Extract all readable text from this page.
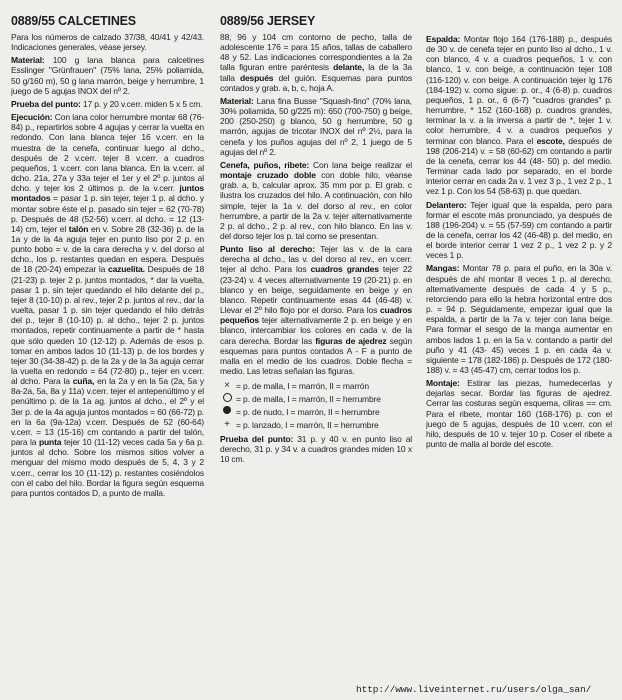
0889/55 CALCETINES

Para los números de calzado 37/38, 40/41 y 42/43. Indicaciones generales, véase jersey.

Material: 100 g lana blanca para calcetines Esslinger "Grünfrauen" (75% lana, 25% poliamida, 50 g/160 m), 50 g lana marrón, beige y herrumbre, 1 juego de 5 agujas INOX del nº 2.

Prueba del punto: 17 p. y 20 v.cerr. miden 5 x 5 cm.

Ejecución: Con lana color herrumbre montar 68 (76-84) p., repartirlos sobre 4 agujas y cerrar la vuelta en redondo. Con lana blanca tejer 16 v.cerr. en la muestra de la cenefa, continuar luego al dcho., después de 2 v.cerr. tejer 8 v.cerr. a cuadros pequeños, 1 v.cerr. con lana blanca. En la v.cerr. al dcho. 21a, 27a y 33a tejer el 1er y el 2º p. juntos al dcho. y tejer los 2 últimos p. de la v.cerr. juntos montados = pasar 1 p. sin tejer, tejer 1 p. al dcho. y montar sobre éste el p. pasado sin tejer = 62 (70-78) p. Después de 48 (52-56) v.cerr. al dcho. = 12 (13-14) cm, tejer el talón en v. Sobre 28 (32-36) p. de la 1a y de la 4a aguja tejer en punto liso por 2 p. en punto bobo = v. de la cara derecha y v. del dorso al dcho., los p. restantes quedan en espera. Después de 18 (20-24) empezar la cazuelita. Después de 18 (21-23) p. tejer 2 p. juntos montados, * dar la vuelta, pasar 1 p. sin tejer quedando el hilo delante del p., tejer 8 (10-10) p. al rev., tejer 2 p. juntos al rev., dar la vuelta, pasar 1 p. sin tejer quedando el hilo detrás del p., tejer 8 (10-10) p. al dcho., tejer 2 p. juntos montados, repetir continuamente a partir de * hasta que sólo queden 10 (12-12) p. Además de esos p. tomar en ambos lados 10 (11-13) p. de los bordes y tejer 30 (34-38-42) p. de la 2a y de la 3a aguja cerrar la vuelta en redondo = 64 (72-80) p., tejer en v.cerr. al dcho. Para la cuña, en la 2a y en la 5a (2a, 5a y 8a-2a, 5a, 8a y 11a) v.cerr. tejer el antepenúltimo y el penúltimo p. de la 1a ag. juntos al dcho., el 2º y el 3er p. de la 4a aguja juntos montados = 60 (66-72) p. en la 6a (9a-12a) v.cerr. Después de 52 (60-64) v.cerr. = 13 (15-16) cm contando a partir del talón, para la punta tejer 10 (11-12) veces cada 5a y 6a p. juntos al dcho. Sobre los mismos sitios volver a menguar del mismo modo después de 5, 4, 3 y 2 v.cerr., cerrar los 10 (11-12) p. restantes cosiéndolos con el cabo del hilo. Bordar la figura según esquema para puntos contados D, a punto de malla.

0889/56 JERSEY

88, 96 y 104 cm contorno de pecho, talla de adolescente 176 = para 15 años, tallas de caballero 48 y 52. Las indicaciones correspondientes a la 2a talla figuran entre paréntesis delante, la de la 3a talla después del guión. Esquemas para puntos contados y grab. a, b, c, hoja A.

Material: Lana fina Busse "Squash-fino" (70% lana, 30% poliamida, 50 g/225 m): 650 (700-750) g beige, 200 (250-250) g blanco, 50 g herrumbre, 50 g marrón, agujas de tricotar INOX del nº 2½, para la cenefa y los puños agujas del nº 2, 1 juego de 5 agujas del nº 2.

Cenefa, puños, ribete: Con lana beige realizar el montaje cruzado doble con doble hilo, véanse grab. a, b, calcular aprox. 35 mm por p. El grab. c ilustra los cruzados del hilo. A continuación, con hilo simple, tejer la 1a v. del dorso al rev., en color herrumbre, a partir de la 2a v. tejer alternativamente 2 p. al dcho., 2 p. al rev., con hilo blanco. En las v. del dorso tejer los p. tal como se presentan.

Punto liso al derecho: Tejer las v. de la cara derecha al dcho., las v. del dorso al rev., en v.cerr. tejer al dcho. Para los cuadros grandes tejer 22 (23-24) v. 4 veces alternativamente 19 (20-21) p. en blanco y en beige, seguidamente en beige y en blanco. Repetir continuamente esas 44 (46-48) v. Llevar el 2º hilo flojo por el dorso. Para los cuadros pequeños tejer alternativamente 2 p. en beige y en blanco, intercambiar los colores en cada v. de la cara derecha. Bordar las figuras de ajedrez según esquemas para puntos contados A - F a punto de malla en el medio de los cuadros. Doble flecha = medio. Las letras señalan las figuras.

× = p. de malla, I = marrón, II = marrón
= p. de malla, I = marrón, II = herrumbre
= p. de nudo, I = marrón, II = herrumbre
+ = p. lanzado, I = marrón, II = herrumbre

Prueba del punto: 31 p. y 40 v. en punto liso al derecho, 31 p. y 34 v. a cuadros grandes miden 10 x 10 cm.

Espalda: Montar flojo 164 (176-188) p., después de 30 v. de cenefa tejer en punto liso al dcho., 1 v. con blanco, 4 v. a cuadros pequeños, 1 v. con blanco, 1 v. con beige, a continuación tejer 108 (116-120) v. con beige. A continuación tejer lg 176 (184-192) v. como sigue: p. or., 4 (6-8) p. cuadros pequeños, 1 p. or., 6 (6-7) "cuadros grandes" p. herrumbre, * 152 (160-168) p. cuadros grandes, terminar la v. a la inversa a partir de *, tejer 1 v. color herrumbre, 4 v. a cuadros pequeños y terminar con blanco. Para el escote, después de 198 (206-214) v. = 58 (60-62) cm contando a partir de la cenefa, cerrar los 44 (48- 50) p. del medio. Terminar cada lado por separado, en el borde interior cerrar en cada 2a v. 1 vez 3 p., 1 vez 2 p., 1 vez 1 p. Con los 54 (58-63) p. que quedan.

Delantero: Tejer igual que la espalda, pero para formar el escote más pronunciado, ya después de 188 (196-204) v. = 55 (57-59) cm contando a partir de la cenefa, cerrar los 42 (46-48) p. del medio, en el borde interior cerrar 1 vez 2 p., 1 vez 2 p. y 2 veces 1 p.

Mangas: Montar 78 p. para el puño, en la 30a v. después de ahí montar 8 veces 1 p. al derecho, alternativamente después de cada 4 y 5 p., retorciendo para ello la hebra horizontal entre dos p. = 94 p. Seguidamente, empezar igual que la espalda, a partir de la 7a v. tejer con lana beige. Para formar el sesgo de la manga aumentar en ambos lados 1 p. en la 5a v. contando a partir del puño y 41 (43- 45) veces 1 p. en cada 4a v. siguiente = 178 (182-186) p. Después de 172 (180-188) v. = 43 (45-47) cm, cerrar todos los p.

Montaje: Estirar las piezas, humedecerlas y dejarlas secar. Bordar las figuras de ajedrez. Cerrar las costuras según esquema, ciliras == cm. Para el ribete, montar 160 (168-176) p. con el juego de 5 agujas, después de 10 v.cerr. con el hilo, después de 10 v. tejer 10 p. Coser el ribete a punto de malla al borde del escote.

http://www.liveinternet.ru/users/olga_san/
